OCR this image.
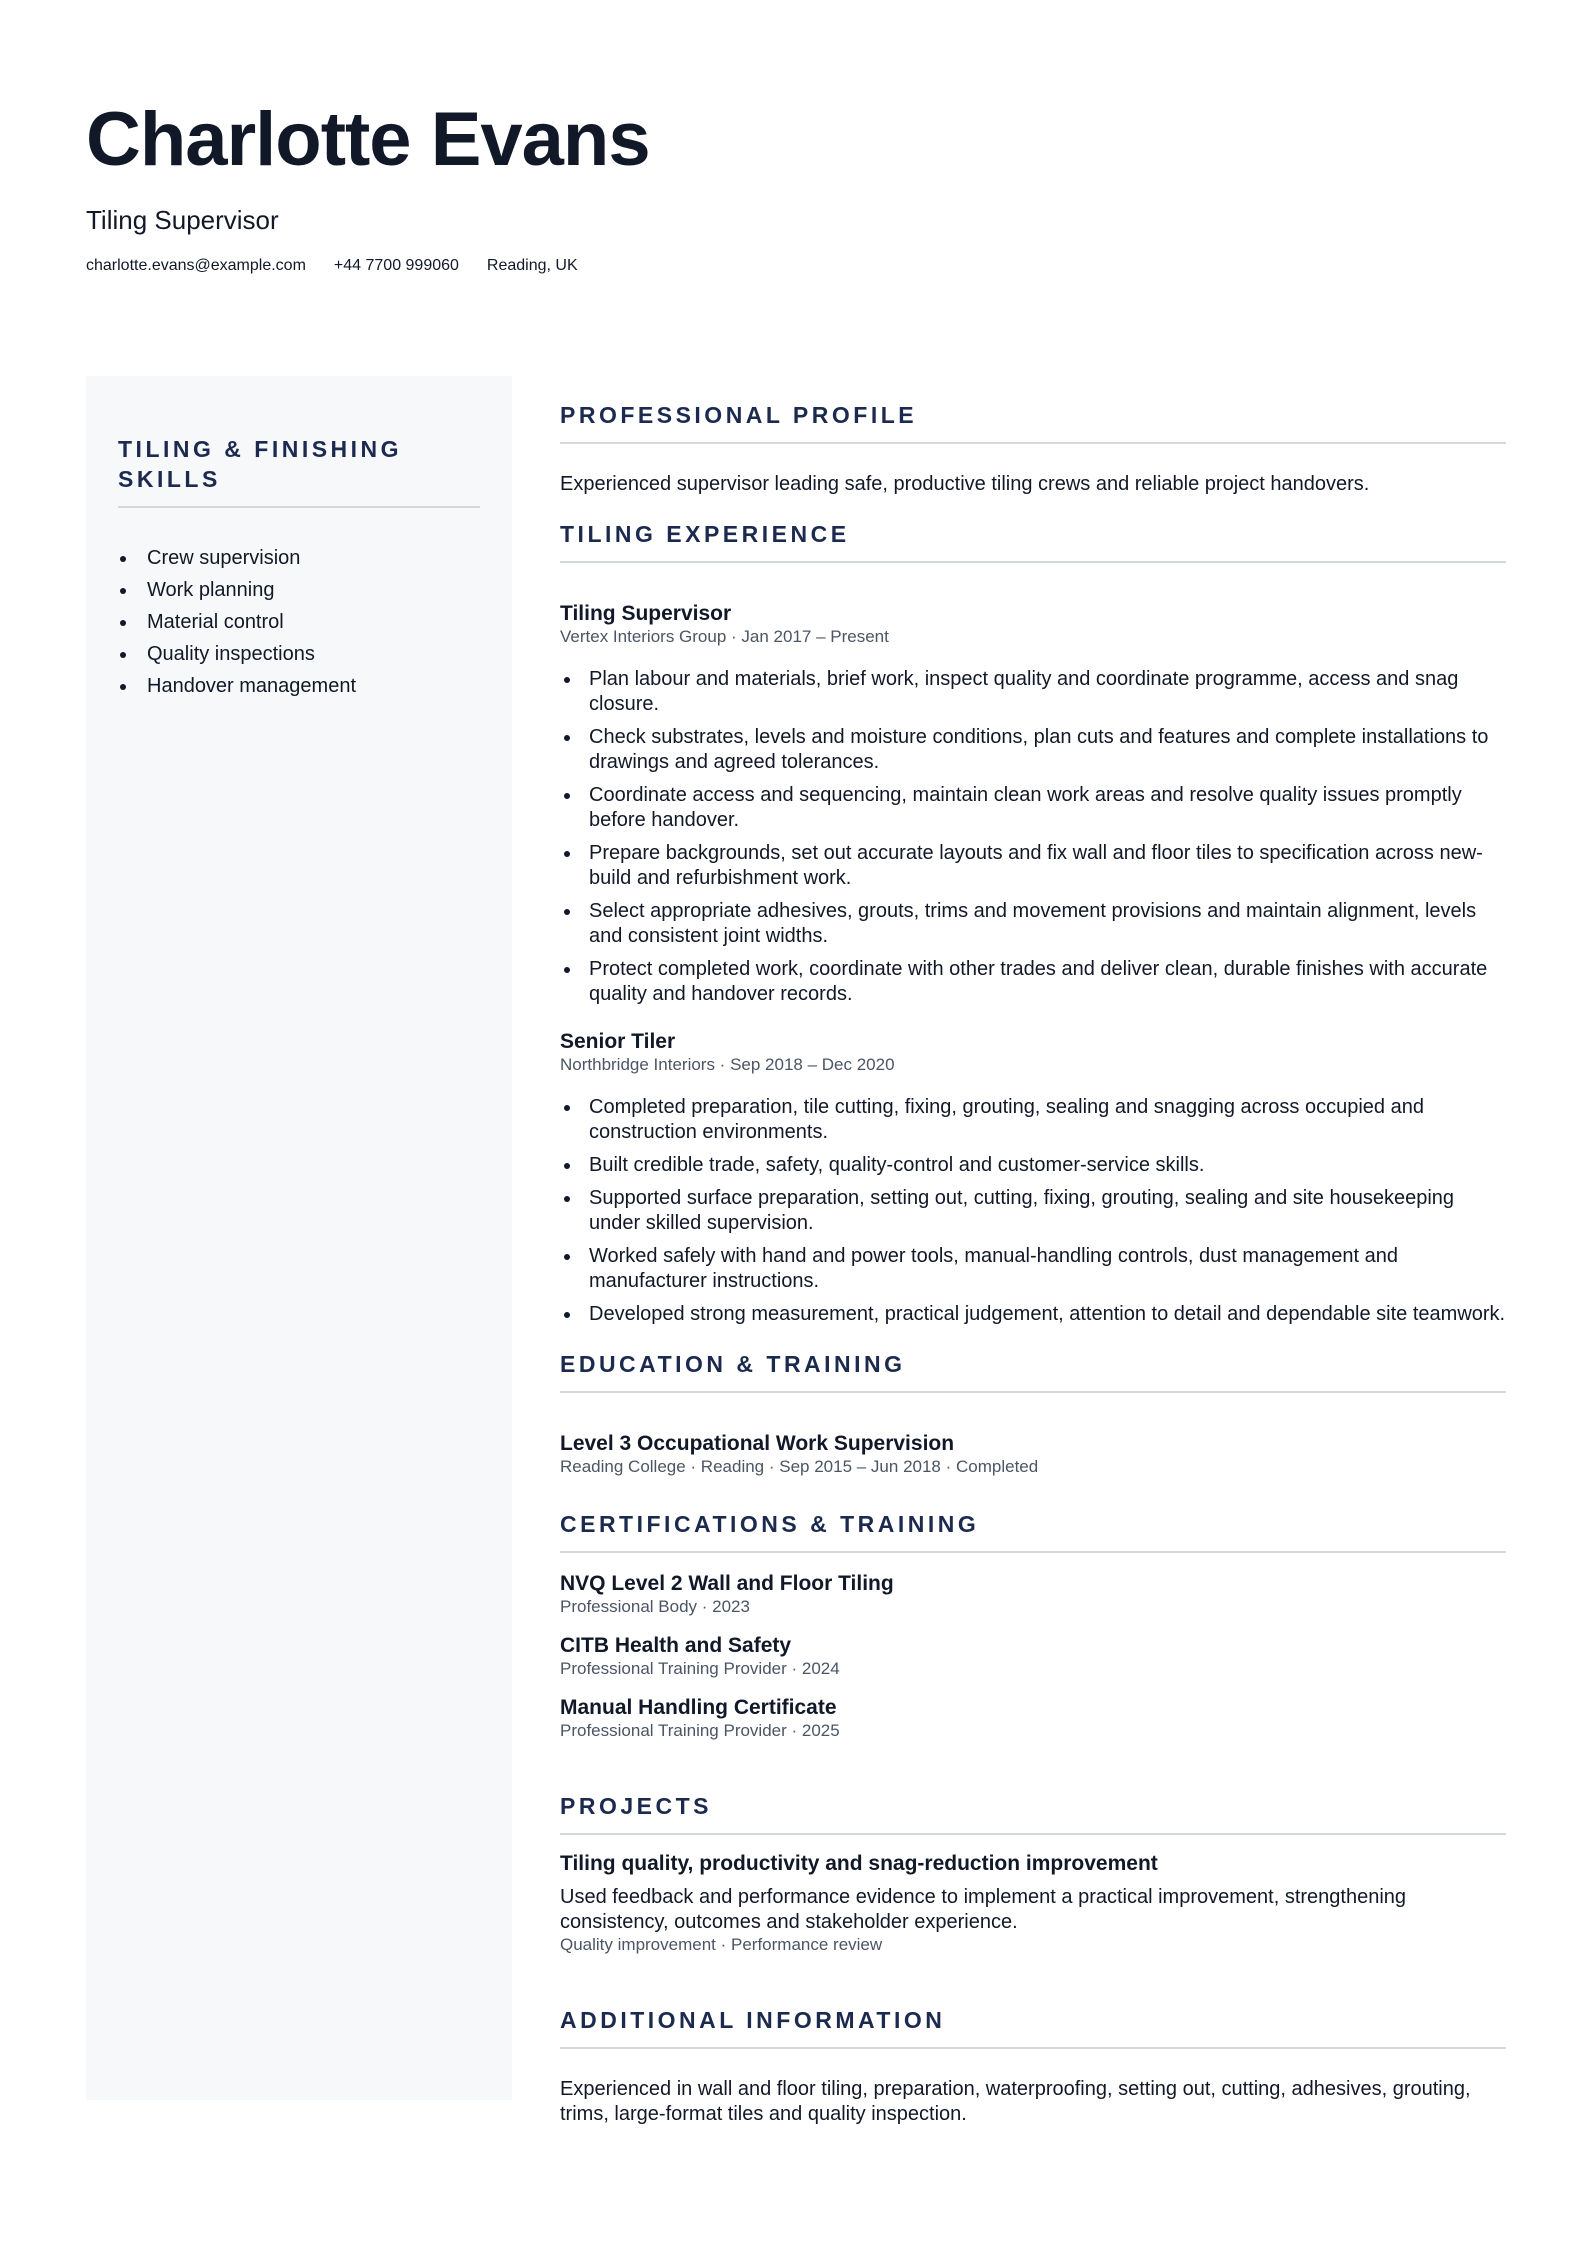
Charlotte Evans
Tiling Supervisor
charlotte.evans@example.com +44 7700 999060 Reading, UK
TILING & FINISHING SKILLS
Crew supervision
Work planning
Material control
Quality inspections
Handover management
PROFESSIONAL PROFILE

Experienced supervisor leading safe, productive tiling crews and reliable project handovers.

TILING EXPERIENCE

Tiling Supervisor

Vertex Interiors Group · Jan 2017 – Present

Plan labour and materials, brief work, inspect quality and coordinate programme, access and snag closure.
Check substrates, levels and moisture conditions, plan cuts and features and complete installations to drawings and agreed tolerances.
Coordinate access and sequencing, maintain clean work areas and resolve quality issues promptly before handover.
Prepare backgrounds, set out accurate layouts and fix wall and floor tiles to specification across new-build and refurbishment work.
Select appropriate adhesives, grouts, trims and movement provisions and maintain alignment, levels and consistent joint widths.
Protect completed work, coordinate with other trades and deliver clean, durable finishes with accurate quality and handover records.

Senior Tiler

Northbridge Interiors · Sep 2018 – Dec 2020

Completed preparation, tile cutting, fixing, grouting, sealing and snagging across occupied and construction environments.
Built credible trade, safety, quality-control and customer-service skills.
Supported surface preparation, setting out, cutting, fixing, grouting, sealing and site housekeeping under skilled supervision.
Worked safely with hand and power tools, manual-handling controls, dust management and manufacturer instructions.
Developed strong measurement, practical judgement, attention to detail and dependable site teamwork.
EDUCATION & TRAINING

Level 3 Occupational Work Supervision

Reading College · Reading · Sep 2015 – Jun 2018 · Completed

CERTIFICATIONS & TRAINING

NVQ Level 2 Wall and Floor Tiling

Professional Body · 2023

CITB Health and Safety

Professional Training Provider · 2024

Manual Handling Certificate

Professional Training Provider · 2025

PROJECTS

Tiling quality, productivity and snag-reduction improvement

Used feedback and performance evidence to implement a practical improvement, strengthening consistency, outcomes and stakeholder experience.

Quality improvement · Performance review

ADDITIONAL INFORMATION

Experienced in wall and floor tiling, preparation, waterproofing, setting out, cutting, adhesives, grouting, trims, large-format tiles and quality inspection.
